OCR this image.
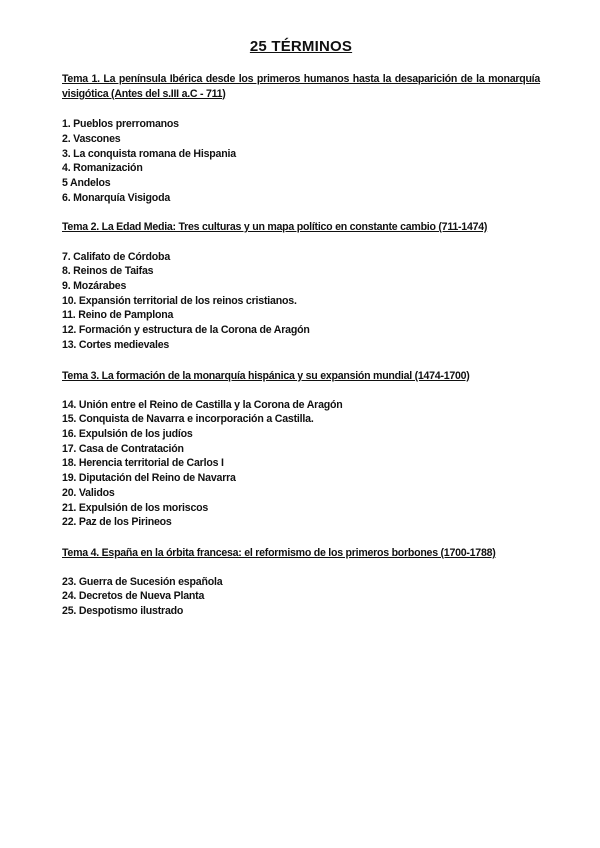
25 TÉRMINOS

Tema 1. La península Ibérica desde los primeros humanos hasta la desaparición de la monarquía visigótica (Antes del s.III a.C - 711)

1. Pueblos prerromanos
2. Vascones
3. La conquista romana de Hispania
4. Romanización
5 Andelos
6. Monarquía Visigoda

Tema 2. La Edad Media: Tres culturas y un mapa político en constante cambio (711-1474)

7. Califato de Córdoba
8. Reinos de Taifas
9. Mozárabes
10. Expansión territorial de los reinos cristianos.
11. Reino de Pamplona
12. Formación y estructura de la Corona de Aragón
13. Cortes medievales

Tema 3. La formación de la monarquía hispánica y su expansión mundial (1474-1700)

14. Unión entre el Reino de Castilla y la Corona de Aragón
15. Conquista de Navarra e incorporación a Castilla.
16. Expulsión de los judíos
17. Casa de Contratación
18. Herencia territorial de Carlos I
19. Diputación del Reino de Navarra
20. Validos
21. Expulsión de los moriscos
22. Paz de los Pirineos

Tema 4. España en la órbita francesa: el reformismo de los primeros borbones (1700-1788)

23. Guerra de Sucesión española
24. Decretos de Nueva Planta
25. Despotismo ilustrado
